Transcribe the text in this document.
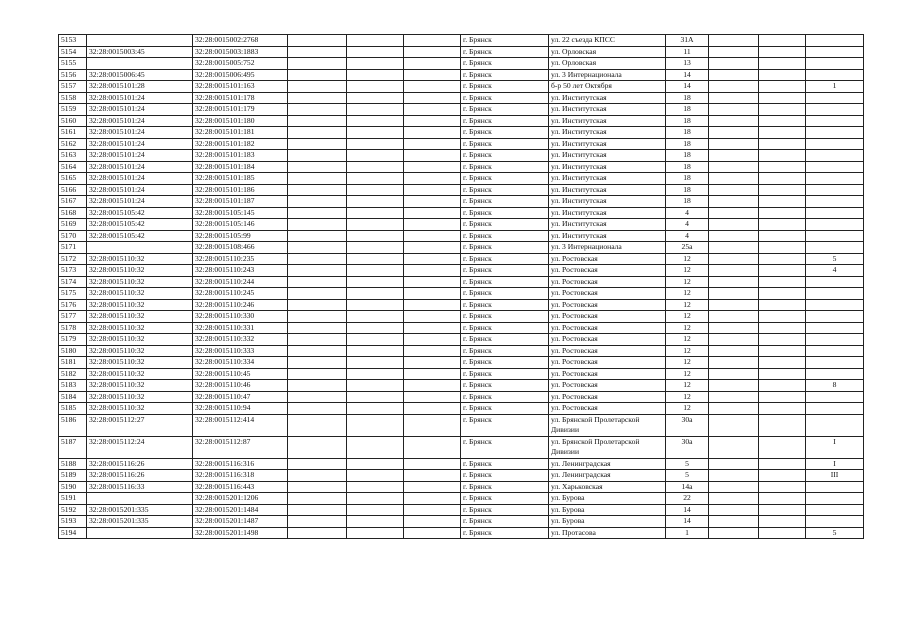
5153		32:28:0015002:2768				г. Брянск	ул. 22 съезда КПСС	31А			
5154	32:28:0015003:45	32:28:0015003:1883				г. Брянск	ул. Орловская	11			
5155		32:28:0015005:752				г. Брянск	ул. Орловская	13			
5156	32:28:0015006:45	32:28:0015006:495				г. Брянск	ул. 3 Интернационала	14			
5157	32:28:0015101:28	32:28:0015101:163				г. Брянск	б-р 50 лет Октября	14			1
5158	32:28:0015101:24	32:28:0015101:178				г. Брянск	ул. Институтская	18			
5159	32:28:0015101:24	32:28:0015101:179				г. Брянск	ул. Институтская	18			
5160	32:28:0015101:24	32:28:0015101:180				г. Брянск	ул. Институтская	18			
5161	32:28:0015101:24	32:28:0015101:181				г. Брянск	ул. Институтская	18			
5162	32:28:0015101:24	32:28:0015101:182				г. Брянск	ул. Институтская	18			
5163	32:28:0015101:24	32:28:0015101:183				г. Брянск	ул. Институтская	18			
5164	32:28:0015101:24	32:28:0015101:184				г. Брянск	ул. Институтская	18			
5165	32:28:0015101:24	32:28:0015101:185				г. Брянск	ул. Институтская	18			
5166	32:28:0015101:24	32:28:0015101:186				г. Брянск	ул. Институтская	18			
5167	32:28:0015101:24	32:28:0015101:187				г. Брянск	ул. Институтская	18			
5168	32:28:0015105:42	32:28:0015105:145				г. Брянск	ул. Институтская	4			
5169	32:28:0015105:42	32:28:0015105:146				г. Брянск	ул. Институтская	4			
5170	32:28:0015105:42	32:28:0015105:99				г. Брянск	ул. Институтская	4			
5171		32:28:0015108:466				г. Брянск	ул. 3 Интернационала	25а			
5172	32:28:0015110:32	32:28:0015110:235				г. Брянск	ул. Ростовская	12			5
5173	32:28:0015110:32	32:28:0015110:243				г. Брянск	ул. Ростовская	12			4
5174	32:28:0015110:32	32:28:0015110:244				г. Брянск	ул. Ростовская	12			
5175	32:28:0015110:32	32:28:0015110:245				г. Брянск	ул. Ростовская	12			
5176	32:28:0015110:32	32:28:0015110:246				г. Брянск	ул. Ростовская	12			
5177	32:28:0015110:32	32:28:0015110:330				г. Брянск	ул. Ростовская	12			
5178	32:28:0015110:32	32:28:0015110:331				г. Брянск	ул. Ростовская	12			
5179	32:28:0015110:32	32:28:0015110:332				г. Брянск	ул. Ростовская	12			
5180	32:28:0015110:32	32:28:0015110:333				г. Брянск	ул. Ростовская	12			
5181	32:28:0015110:32	32:28:0015110:334				г. Брянск	ул. Ростовская	12			
5182	32:28:0015110:32	32:28:0015110:45				г. Брянск	ул. Ростовская	12			
5183	32:28:0015110:32	32:28:0015110:46				г. Брянск	ул. Ростовская	12			8
5184	32:28:0015110:32	32:28:0015110:47				г. Брянск	ул. Ростовская	12			
5185	32:28:0015110:32	32:28:0015110:94				г. Брянск	ул. Ростовская	12			
5186	32:28:0015112:27	32:28:0015112:414				г. Брянск	ул. Брянской Пролетарской Дивизии	30а			
5187	32:28:0015112:24	32:28:0015112:87				г. Брянск	ул. Брянской Пролетарской Дивизии	30а			I
5188	32:28:0015116:26	32:28:0015116:316				г. Брянск	ул. Ленинградская	5			I
5189	32:28:0015116:26	32:28:0015116:318				г. Брянск	ул. Ленинградская	5			III
5190	32:28:0015116:33	32:28:0015116:443				г. Брянск	ул. Харьковская	14а			
5191		32:28:0015201:1206				г. Брянск	ул. Бурова	22			
5192	32:28:0015201:335	32:28:0015201:1484				г. Брянск	ул. Бурова	14			
5193	32:28:0015201:335	32:28:0015201:1487				г. Брянск	ул. Бурова	14			
5194		32:28:0015201:1498				г. Брянск	ул. Протасова	1			5
